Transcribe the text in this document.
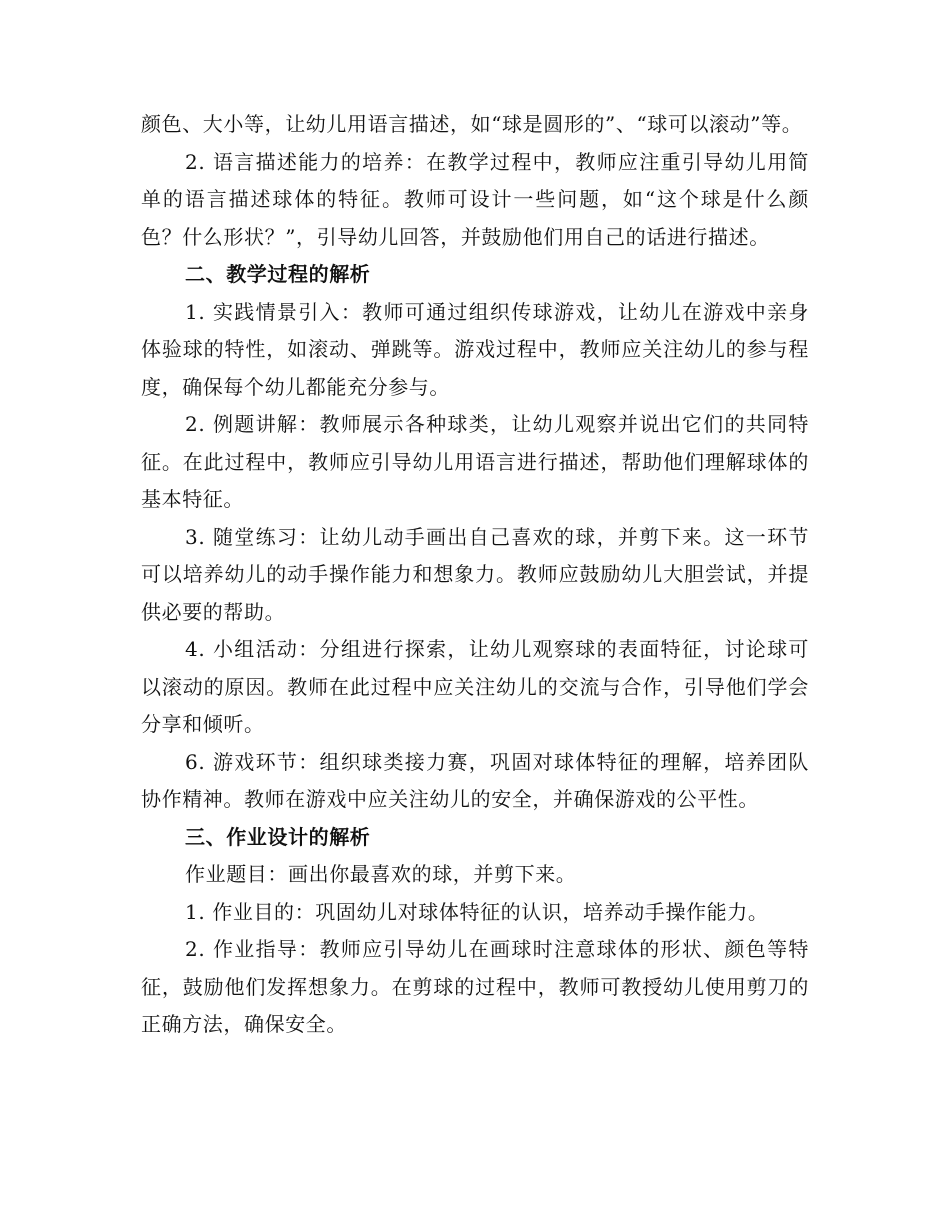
颜色、大小等，让幼儿用语言描述，如“球是圆形的”、“球可以滚动”等。

2. 语言描述能力的培养：在教学过程中，教师应注重引导幼儿用简单的语言描述球体的特征。教师可设计一些问题，如“这个球是什么颜色？什么形状？”，引导幼儿回答，并鼓励他们用自己的话进行描述。

二、教学过程的解析

1. 实践情景引入：教师可通过组织传球游戏，让幼儿在游戏中亲身体验球的特性，如滚动、弹跳等。游戏过程中，教师应关注幼儿的参与程度，确保每个幼儿都能充分参与。

2. 例题讲解：教师展示各种球类，让幼儿观察并说出它们的共同特征。在此过程中，教师应引导幼儿用语言进行描述，帮助他们理解球体的基本特征。

3. 随堂练习：让幼儿动手画出自己喜欢的球，并剪下来。这一环节可以培养幼儿的动手操作能力和想象力。教师应鼓励幼儿大胆尝试，并提供必要的帮助。

4. 小组活动：分组进行探索，让幼儿观察球的表面特征，讨论球可以滚动的原因。教师在此过程中应关注幼儿的交流与合作，引导他们学会分享和倾听。

6. 游戏环节：组织球类接力赛，巩固对球体特征的理解，培养团队协作精神。教师在游戏中应关注幼儿的安全，并确保游戏的公平性。

三、作业设计的解析

作业题目：画出你最喜欢的球，并剪下来。

1. 作业目的：巩固幼儿对球体特征的认识，培养动手操作能力。

2. 作业指导：教师应引导幼儿在画球时注意球体的形状、颜色等特征，鼓励他们发挥想象力。在剪球的过程中，教师可教授幼儿使用剪刀的正确方法，确保安全。
